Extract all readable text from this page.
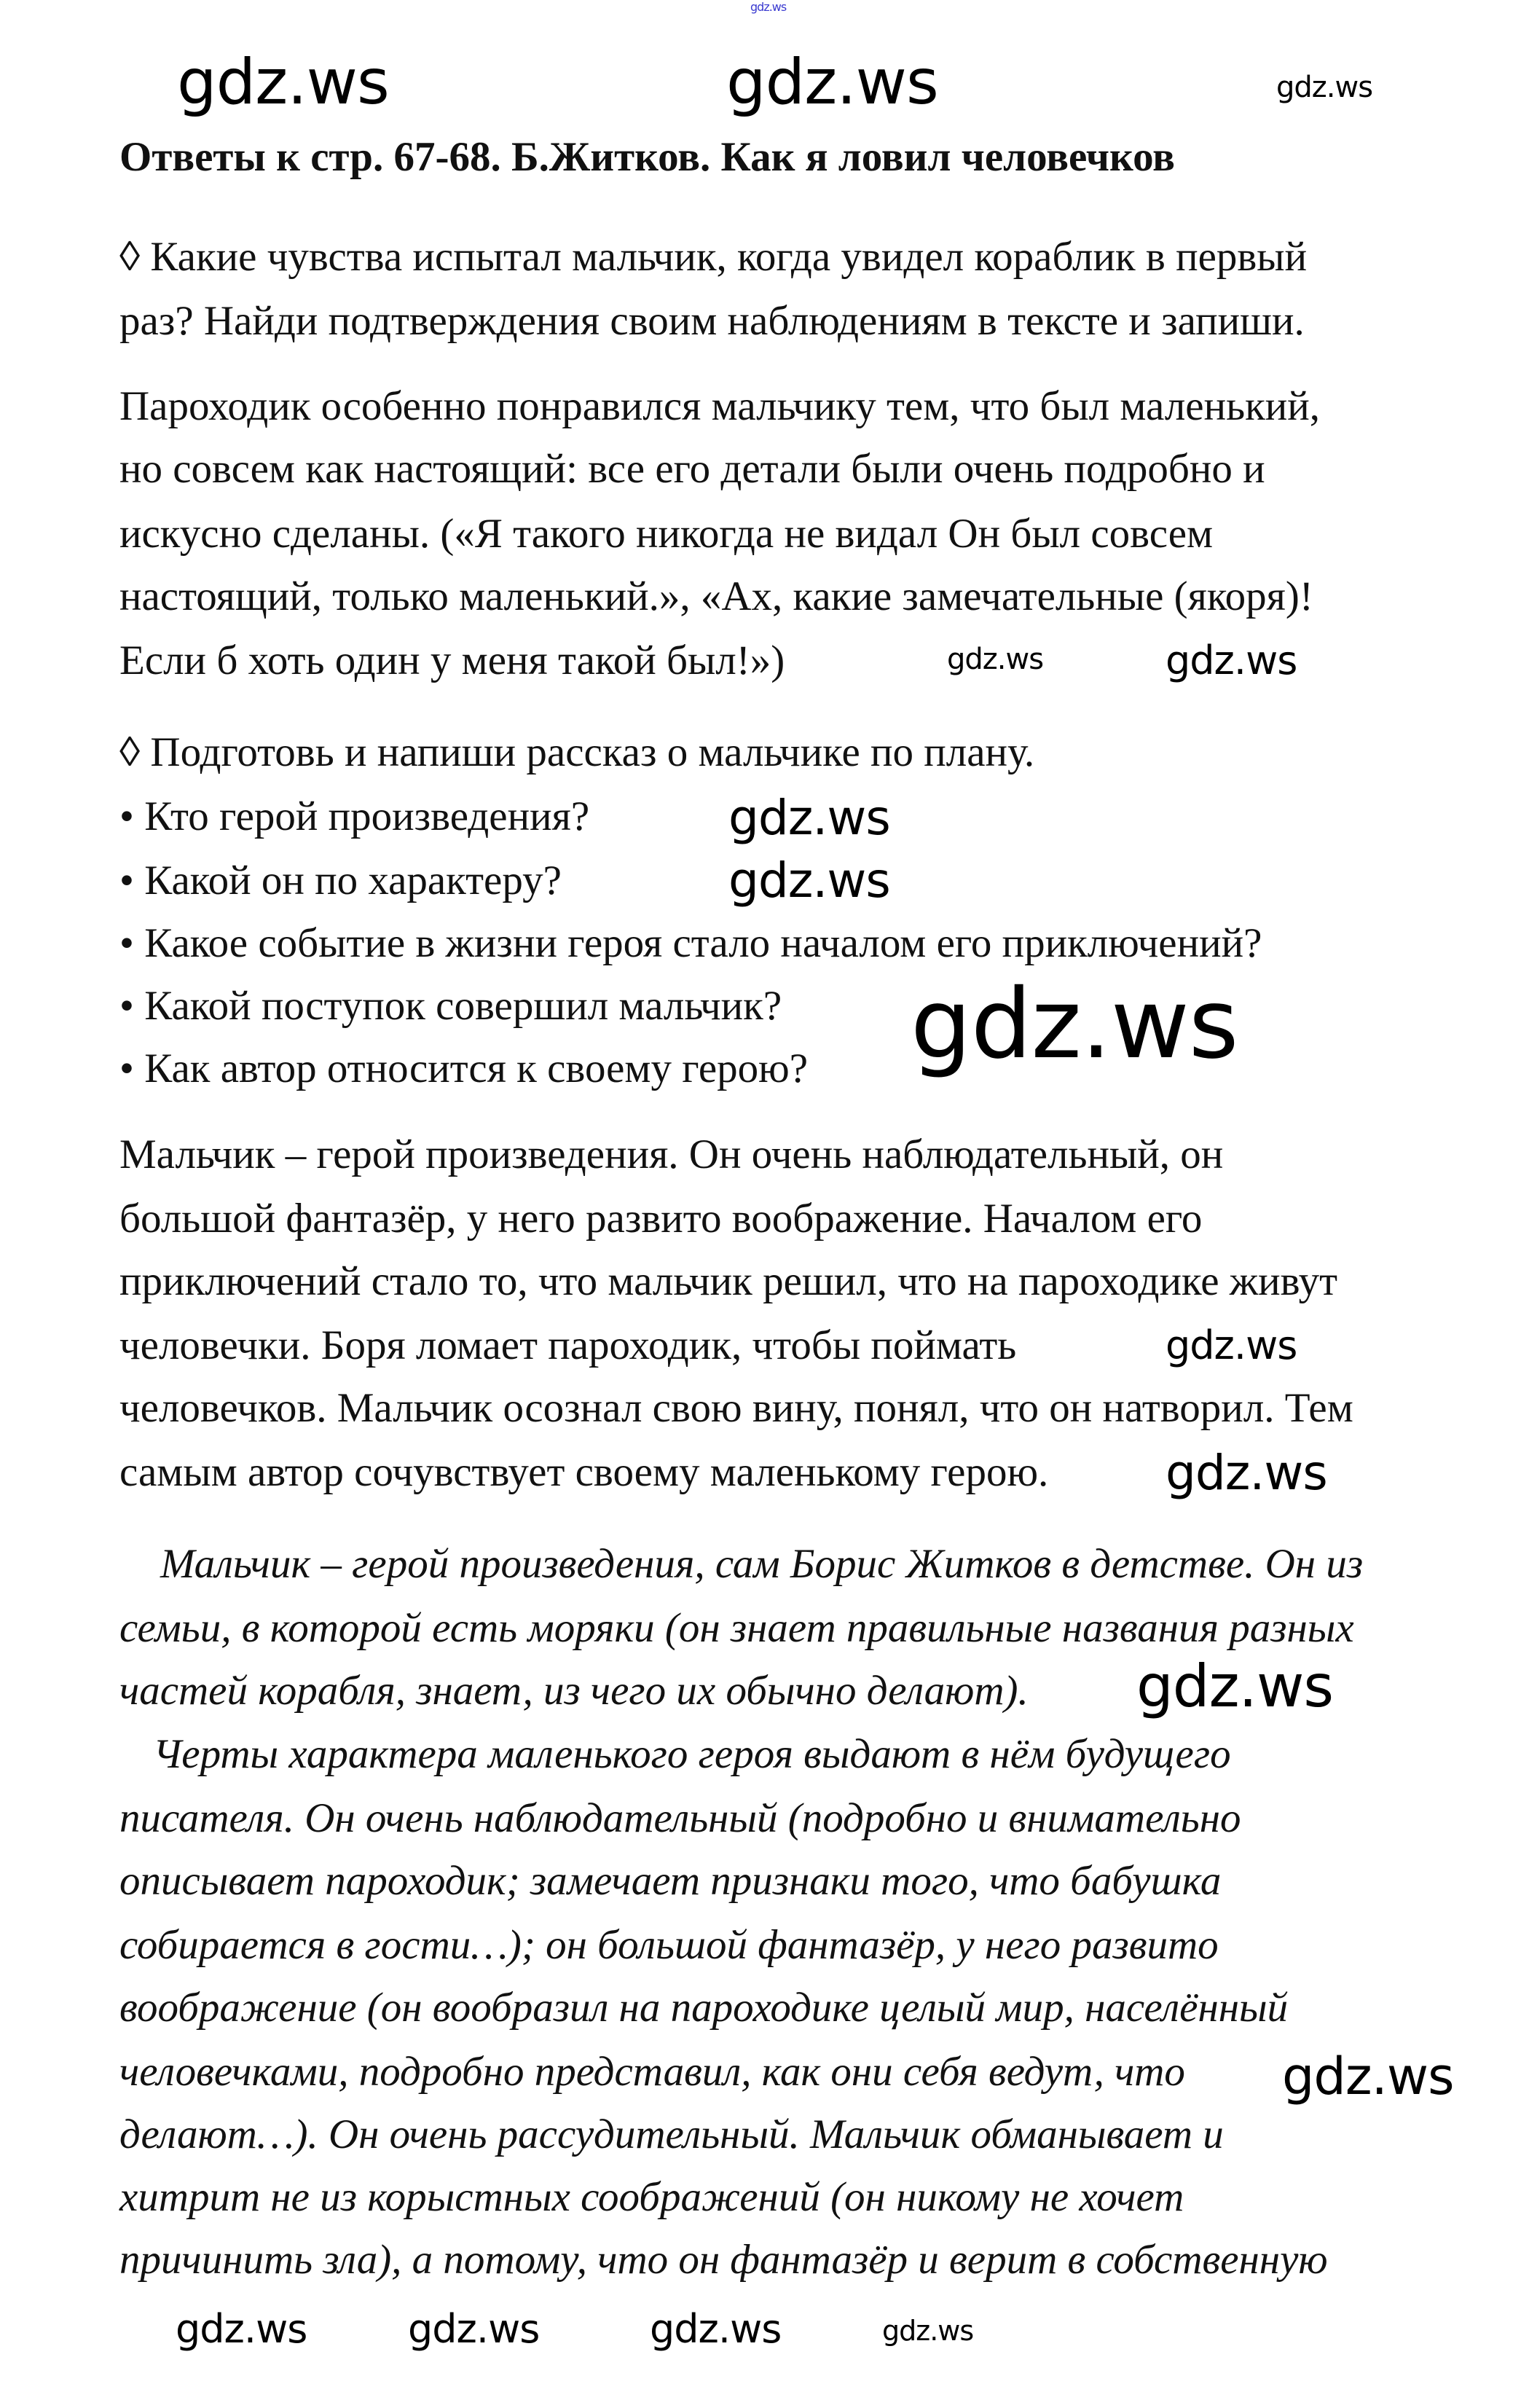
gdz.ws
gdz.ws	gdz.ws	gdz.ws
gdz.ws
gdz.ws
gdz.ws
gdz.ws
gdz.ws
gdz.ws
gdz.ws
gdz.ws
gdz.ws
gdz.ws
gdz.ws	gdz.ws	gdz.ws
Ответы к стр. 67-68. Б.Житков. Как я ловил человечков
◊ Какие чувства испытал мальчик, когда увидел кораблик в первый
раз? Найди подтверждения своим наблюдениям в тексте и запиши.
Пароходик особенно понравился мальчику тем, что был маленький,
но совсем как настоящий: все его детали были очень подробно и
искусно сделаны. («Я такого никогда не видал Он был совсем
настоящий, только маленький.», «Ах, какие замечательные (якоря)!
Если б хоть один у меня такой был!»)
◊ Подготовь и напиши рассказ о мальчике по плану.
• Кто герой произведения?
• Какой он по характеру?
• Какое событие в жизни героя стало началом его приключений?
• Какой поступок совершил мальчик?
• Как автор относится к своему герою?
Мальчик – герой произведения. Он очень наблюдательный, он
большой фантазёр, у него развито воображение. Началом его
приключений стало то, что мальчик решил, что на пароходике живут
человечки. Боря ломает пароходик, чтобы поймать
человечков. Мальчик осознал свою вину, понял, что он натворил. Тем
самым автор сочувствует своему маленькому герою.
Мальчик – герой произведения, сам Борис Житков в детстве. Он из
семьи, в которой есть моряки (он знает правильные названия разных
частей корабля, знает, из чего их обычно делают).
Черты характера маленького героя выдают в нём будущего
писателя. Он очень наблюдательный (подробно и внимательно
описывает пароходик; замечает признаки того, что бабушка
собирается в гости…); он большой фантазёр, у него развито
воображение (он вообразил на пароходике целый мир, населённый
человечками, подробно представил, как они себя ведут, что
делают…). Он очень рассудительный. Мальчик обманывает и
хитрит не из корыстных соображений (он никому не хочет
причинить зла), а потому, что он фантазёр и верит в собственную
